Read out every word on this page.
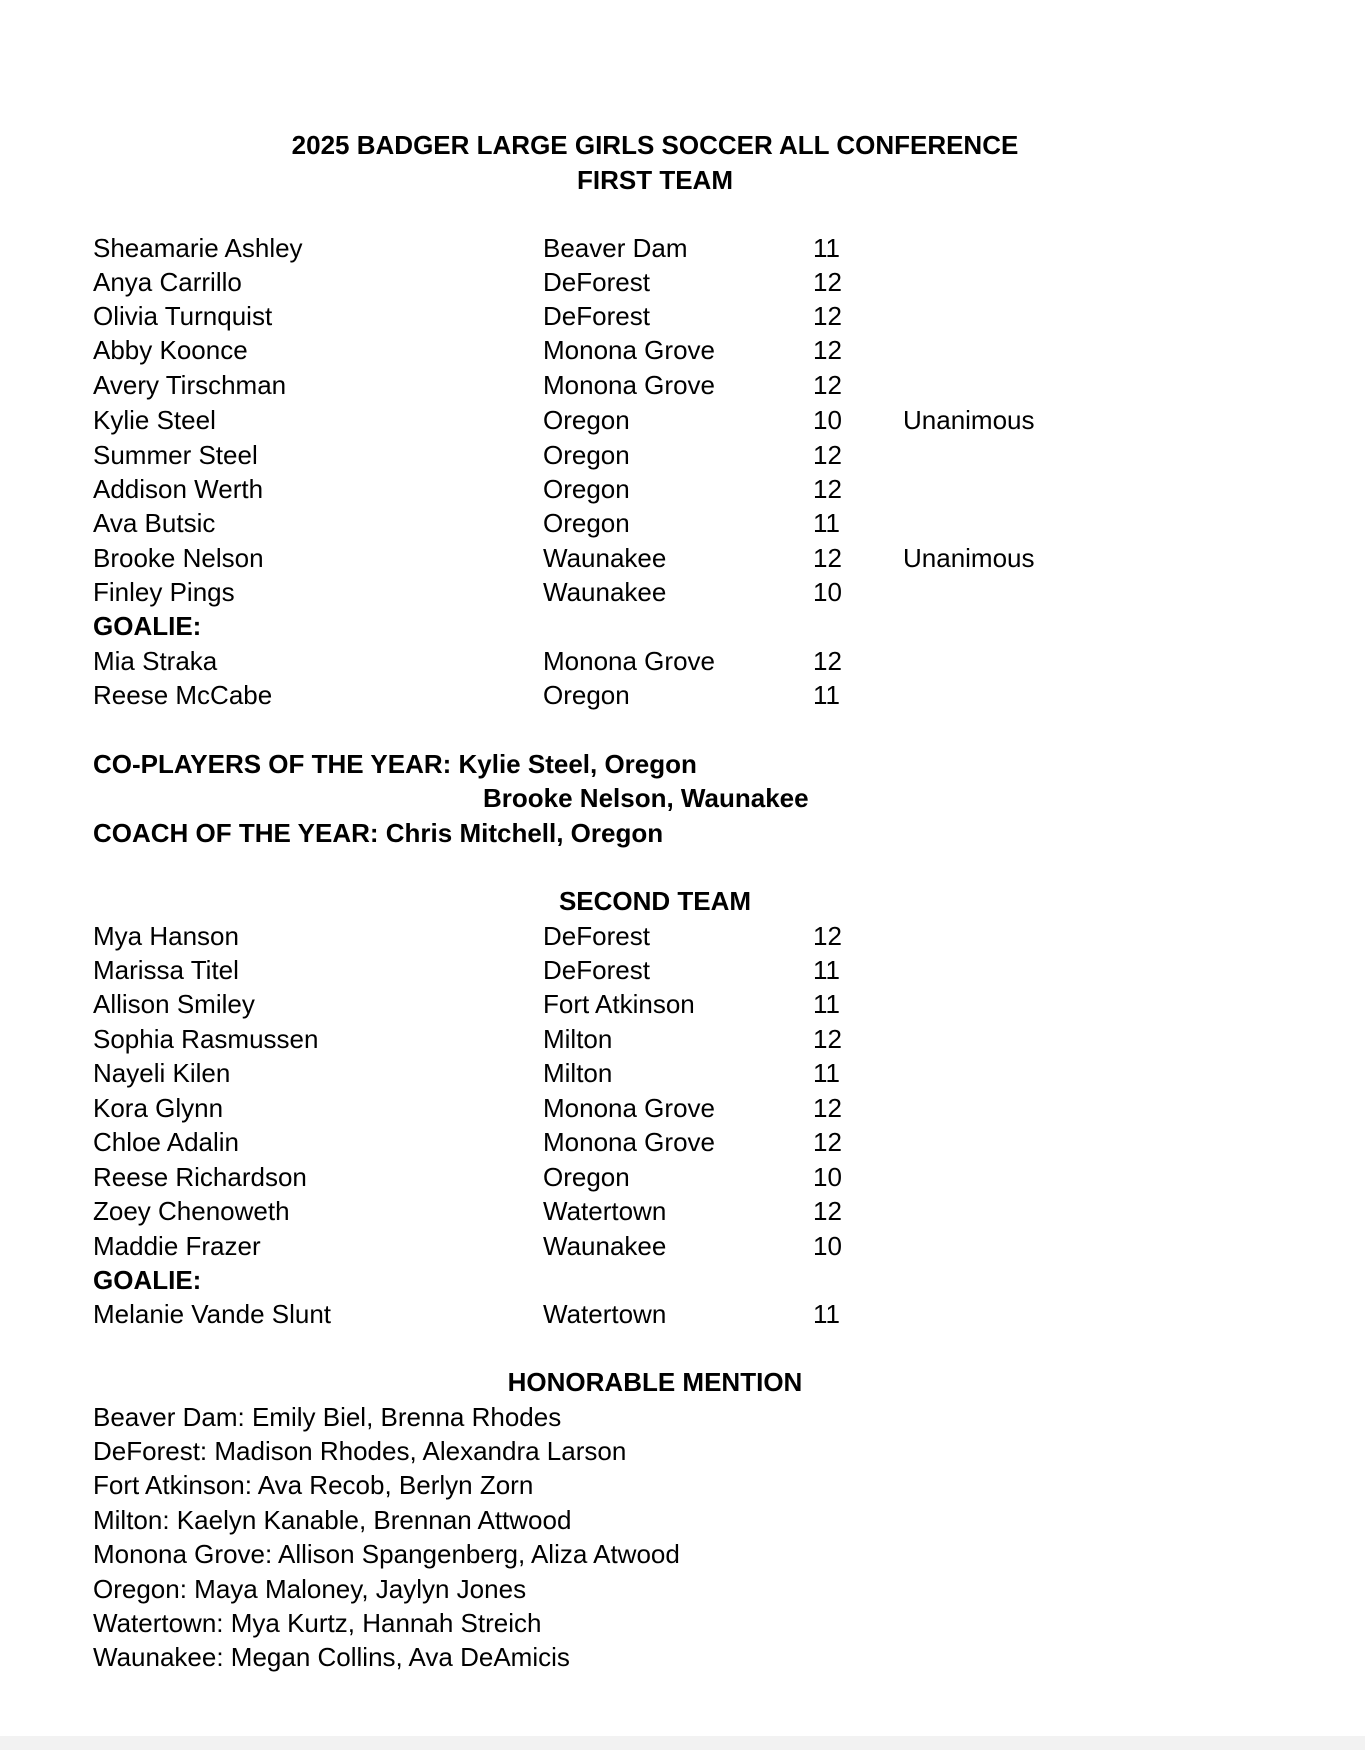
2025 BADGER LARGE GIRLS SOCCER ALL CONFERENCE
FIRST TEAM
Sheamarie Ashley	Beaver Dam	11
Anya Carrillo	DeForest	12
Olivia Turnquist	DeForest	12
Abby Koonce	Monona Grove	12
Avery Tirschman	Monona Grove	12
Kylie Steel	Oregon	10 Unanimous
Summer Steel	Oregon	12
Addison Werth	Oregon	12
Ava Butsic	Oregon	11
Brooke Nelson	Waunakee	12 Unanimous
Finley Pings	Waunakee	10
GOALIE:
Mia Straka	Monona Grove	12
Reese McCabe	Oregon	11
CO-PLAYERS OF THE YEAR: Kylie Steel, Oregon
Brooke Nelson, Waunakee
COACH OF THE YEAR: Chris Mitchell, Oregon
SECOND TEAM
Mya Hanson	DeForest	12
Marissa Titel	DeForest	11
Allison Smiley	Fort Atkinson	11
Sophia Rasmussen	Milton	12
Nayeli Kilen	Milton	11
Kora Glynn	Monona Grove	12
Chloe Adalin	Monona Grove	12
Reese Richardson	Oregon	10
Zoey Chenoweth	Watertown	12
Maddie Frazer	Waunakee	10
GOALIE:
Melanie Vande Slunt	Watertown	11
HONORABLE MENTION
Beaver Dam: Emily Biel, Brenna Rhodes
DeForest: Madison Rhodes, Alexandra Larson
Fort Atkinson: Ava Recob, Berlyn Zorn
Milton: Kaelyn Kanable, Brennan Attwood
Monona Grove: Allison Spangenberg, Aliza Atwood
Oregon: Maya Maloney, Jaylyn Jones
Watertown: Mya Kurtz, Hannah Streich
Waunakee: Megan Collins, Ava DeAmicis
